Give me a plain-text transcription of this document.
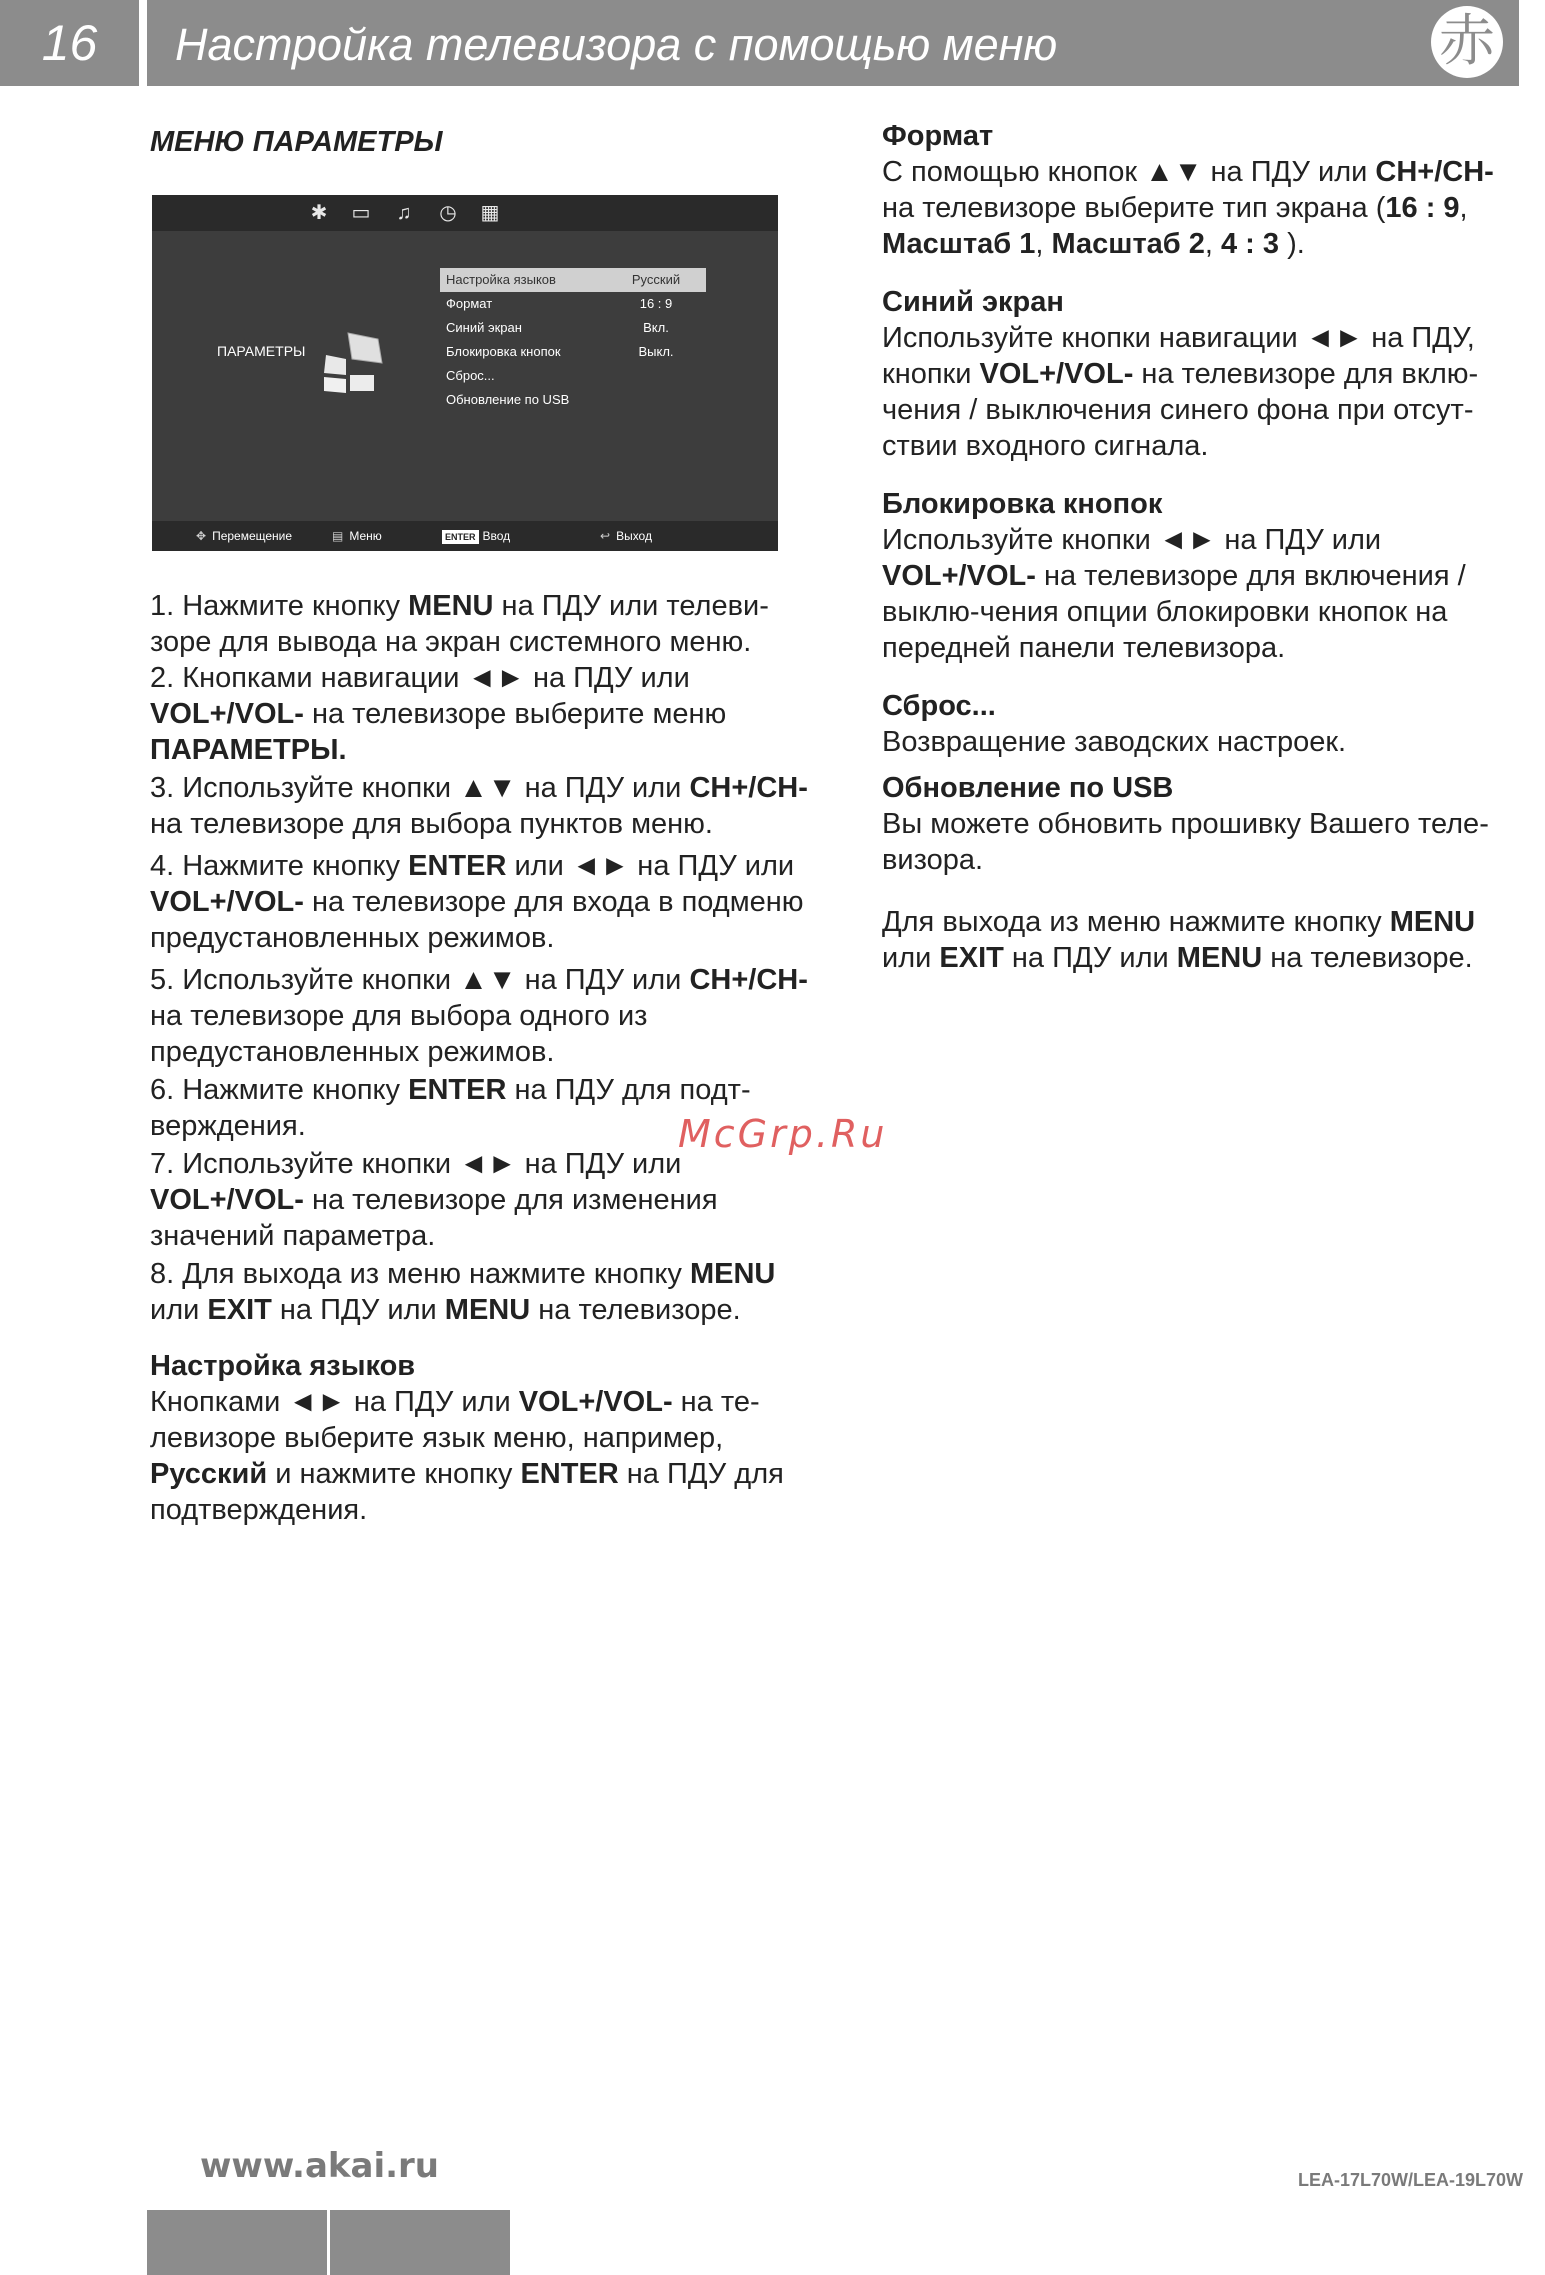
16	Настройка телевизора с помощью меню	赤
МЕНЮ ПАРАМЕТРЫ
✱ ▭ ♫ ◷ ▦
ПАРАМЕТРЫ
Настройка языков	Русский
Формат	16 : 9
Синий экран	Вкл.
Блокировка кнопок	Выкл.
Сброс...
Обновление по USB
✥ Перемещение	▤ Меню	ENTER Ввод	↩ Выход

1. Нажмите кнопку MENU на ПДУ или телеви-зоре для вывода на экран системного меню.

2. Кнопками навигации ◄► на ПДУ или VOL+/VOL- на телевизоре выберите меню ПАРАМЕТРЫ.

3. Используйте кнопки ▲▼ на ПДУ или CH+/CH- на телевизоре для выбора пунктов меню.

4. Нажмите кнопку ENTER или ◄► на ПДУ или VOL+/VOL- на телевизоре для входа в подменю предустановленных режимов.

5. Используйте кнопки ▲▼ на ПДУ или CH+/CH- на телевизоре для выбора одного из предустановленных режимов.

6. Нажмите кнопку ENTER на ПДУ для подт-верждения.

7. Используйте кнопки ◄► на ПДУ или VOL+/VOL- на телевизоре для изменения значений параметра.

8. Для выхода из меню нажмите кнопку MENU или EXIT на ПДУ или MENU на телевизоре.

Настройка языков

Кнопками ◄► на ПДУ или VOL+/VOL- на те-левизоре выберите язык меню, например, Русский и нажмите кнопку ENTER на ПДУ для подтверждения.

Формат

С помощью кнопок ▲▼ на ПДУ или CH+/CH- на телевизоре выберите тип экрана (16 : 9, Масштаб 1, Масштаб 2, 4 : 3 ).

Синий экран

Используйте кнопки навигации ◄► на ПДУ, кнопки VOL+/VOL- на телевизоре для вклю-чения / выключения синего фона при отсут-ствии входного сигнала.

Блокировка кнопок

Используйте кнопки ◄► на ПДУ или VOL+/VOL- на телевизоре для включения / выклю-чения опции блокировки кнопок на передней панели телевизора.

Сброс...

Возвращение заводских настроек.

Обновление по USB

Вы можете обновить прошивку Вашего теле-визора.

Для выхода из меню нажмите кнопку MENU или EXIT на ПДУ или MENU на телевизоре.

McGrp.Ru
www.akai.ru	LEA-17L70W/LEA-19L70W
